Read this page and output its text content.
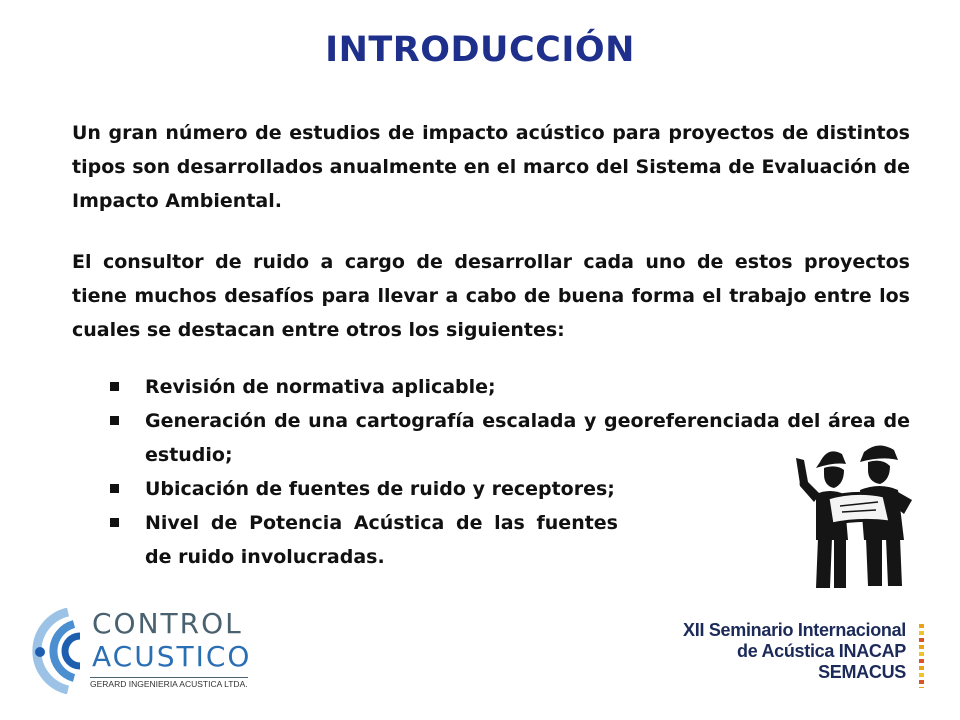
INTRODUCCIÓN

Un gran número de estudios de impacto acústico para proyectos de distintos tipos son desarrollados anualmente en el marco del Sistema de Evaluación de Impacto Ambiental.

El consultor de ruido a cargo de desarrollar cada uno de estos proyectos tiene muchos desafíos para llevar a cabo de buena forma el trabajo entre los cuales se destacan entre otros los siguientes:

Revisión de normativa aplicable;
Generación de una cartografía escalada y georeferenciada del área de estudio;
Ubicación de fuentes de ruido y receptores;
Nivel de Potencia Acústica de las fuentes de ruido involucradas.
CONTROL
ACUSTICO
GERARD INGENIERIA ACUSTICA LTDA.
XII Seminario Internacional
de Acústica INACAP
SEMACUS
